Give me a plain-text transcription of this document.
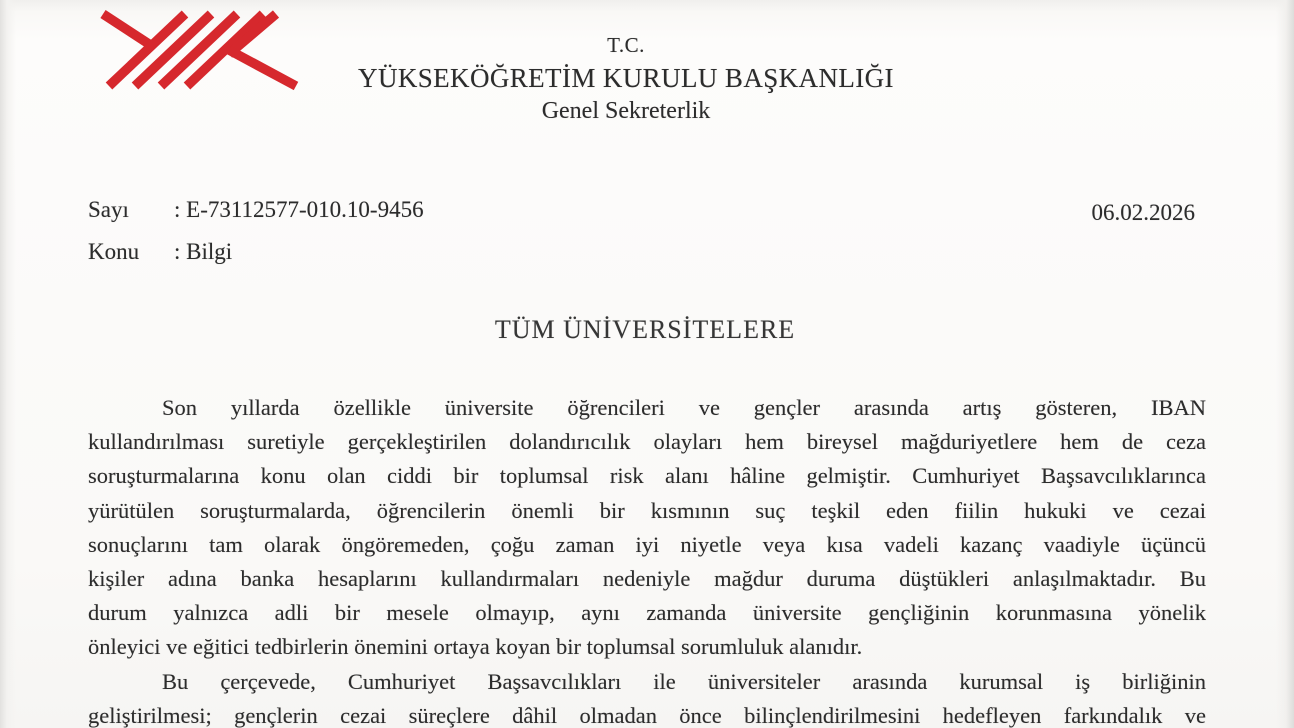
T.C.
YÜKSEKÖĞRETİM KURULU BAŞKANLIĞI
Genel Sekreterlik
Sayı : E-73112577-010.10-9456
Konu : Bilgi
06.02.2026
TÜM ÜNİVERSİTELERE
Son yıllarda özellikle üniversite öğrencileri ve gençler arasında artış gösteren, IBAN
kullandırılması suretiyle gerçekleştirilen dolandırıcılık olayları hem bireysel mağduriyetlere hem de ceza
soruşturmalarına konu olan ciddi bir toplumsal risk alanı hâline gelmiştir. Cumhuriyet Başsavcılıklarınca
yürütülen soruşturmalarda, öğrencilerin önemli bir kısmının suç teşkil eden fiilin hukuki ve cezai
sonuçlarını tam olarak öngöremeden, çoğu zaman iyi niyetle veya kısa vadeli kazanç vaadiyle üçüncü
kişiler adına banka hesaplarını kullandırmaları nedeniyle mağdur duruma düştükleri anlaşılmaktadır. Bu
durum yalnızca adli bir mesele olmayıp, aynı zamanda üniversite gençliğinin korunmasına yönelik
önleyici ve eğitici tedbirlerin önemini ortaya koyan bir toplumsal sorumluluk alanıdır.
Bu çerçevede, Cumhuriyet Başsavcılıkları ile üniversiteler arasında kurumsal iş birliğinin
geliştirilmesi; gençlerin cezai süreçlere dâhil olmadan önce bilinçlendirilmesini hedefleyen farkındalık ve
